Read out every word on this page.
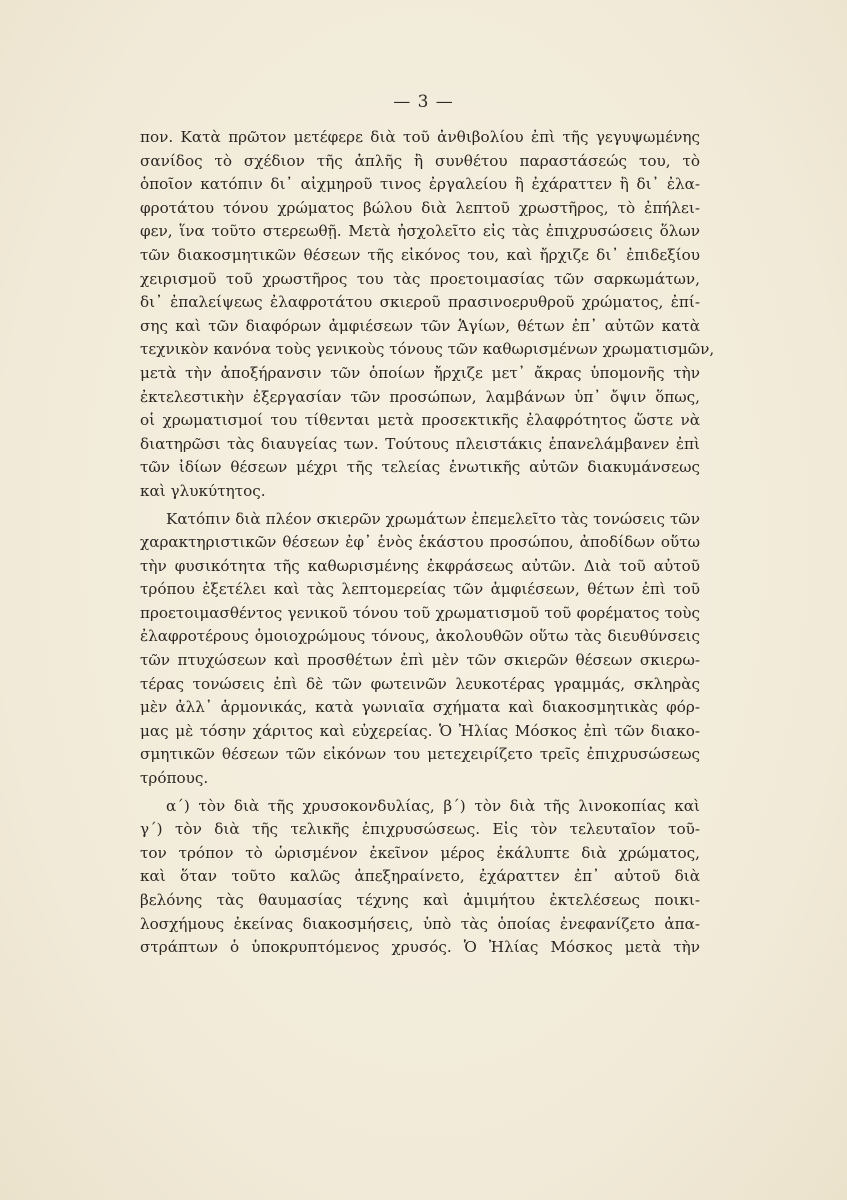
— 3 —
πον. Κατὰ πρῶτον μετέφερε διὰ τοῦ ἀνθιβολίου ἐπὶ τῆς γεγυψωμένης
σανίδος τὸ σχέδιον τῆς ἁπλῆς ἢ συνθέτου παραστάσεώς του, τὸ
ὁποῖον κατόπιν δι᾽ αἰχμηροῦ τινος ἐργαλείου ἢ ἐχάραττεν ἢ δι᾽ ἐλα-
φροτάτου τόνου χρώματος βώλου διὰ λεπτοῦ χρωστῆρος, τὸ ἐπήλει-
φεν, ἵνα τοῦτο στερεωθῇ. Μετὰ ἠσχολεῖτο εἰς τὰς ἐπιχρυσώσεις ὅλων
τῶν διακοσμητικῶν θέσεων τῆς εἰκόνος του, καὶ ἤρχιζε δι᾽ ἐπιδεξίου
χειρισμοῦ τοῦ χρωστῆρος του τὰς προετοιμασίας τῶν σαρκωμάτων,
δι᾽ ἐπαλείψεως ἐλαφροτάτου σκιεροῦ πρασινοερυθροῦ χρώματος, ἐπί-
σης καὶ τῶν διαφόρων ἀμφιέσεων τῶν Ἁγίων, θέτων ἐπ᾽ αὐτῶν κατὰ
τεχνικὸν κανόνα τοὺς γενικοὺς τόνους τῶν καθωρισμένων χρωματισμῶν,
μετὰ τὴν ἀποξήρανσιν τῶν ὁποίων ἤρχιζε μετ᾽ ἄκρας ὑπομονῆς τὴν
ἐκτελεστικὴν ἐξεργασίαν τῶν προσώπων, λαμβάνων ὑπ᾽ ὄψιν ὅπως,
οἱ χρωματισμοί του τίθενται μετὰ προσεκτικῆς ἐλαφρότητος ὥστε νὰ
διατηρῶσι τὰς διαυγείας των. Τούτους πλειστάκις ἐπανελάμβανεν ἐπὶ
τῶν ἰδίων θέσεων μέχρι τῆς τελείας ἑνωτικῆς αὐτῶν διακυμάνσεως
καὶ γλυκύτητος.
Κατόπιν διὰ πλέον σκιερῶν χρωμάτων ἐπεμελεῖτο τὰς τονώσεις τῶν
χαρακτηριστικῶν θέσεων ἐφ᾽ ἑνὸς ἑκάστου προσώπου, ἀποδίδων οὕτω
τὴν φυσικότητα τῆς καθωρισμένης ἐκφράσεως αὐτῶν. Διὰ τοῦ αὐτοῦ
τρόπου ἐξετέλει καὶ τὰς λεπτομερείας τῶν ἀμφιέσεων, θέτων ἐπὶ τοῦ
προετοιμασθέντος γενικοῦ τόνου τοῦ χρωματισμοῦ τοῦ φορέματος τοὺς
ἐλαφροτέρους ὁμοιοχρώμους τόνους, ἀκολουθῶν οὕτω τὰς διευθύνσεις
τῶν πτυχώσεων καὶ προσθέτων ἐπὶ μὲν τῶν σκιερῶν θέσεων σκιερω-
τέρας τονώσεις ἐπὶ δὲ τῶν φωτεινῶν λευκοτέρας γραμμάς, σκληρὰς
μὲν ἀλλ᾽ ἁρμονικάς, κατὰ γωνιαῖα σχήματα καὶ διακοσμητικὰς φόρ-
μας μὲ τόσην χάριτος καὶ εὐχερείας. Ὁ Ἠλίας Μόσκος ἐπὶ τῶν διακο-
σμητικῶν θέσεων τῶν εἰκόνων του μετεχειρίζετο τρεῖς ἐπιχρυσώσεως
τρόπους.
α΄) τὸν διὰ τῆς χρυσοκονδυλίας, β΄) τὸν διὰ τῆς λινοκοπίας καὶ
γ΄) τὸν διὰ τῆς τελικῆς ἐπιχρυσώσεως. Εἰς τὸν τελευταῖον τοῦ-
τον τρόπον τὸ ὡρισμένον ἐκεῖνον μέρος ἐκάλυπτε διὰ χρώματος,
καὶ ὅταν τοῦτο καλῶς ἀπεξηραίνετο, ἐχάραττεν ἐπ᾽ αὐτοῦ διὰ
βελόνης τὰς θαυμασίας τέχνης καὶ ἀμιμήτου ἐκτελέσεως ποικι-
λοσχήμους ἐκείνας διακοσμήσεις, ὑπὸ τὰς ὁποίας ἐνεφανίζετο ἀπα-
στράπτων ὁ ὑποκρυπτόμενος χρυσός. Ὁ Ἠλίας Μόσκος μετὰ τὴν
